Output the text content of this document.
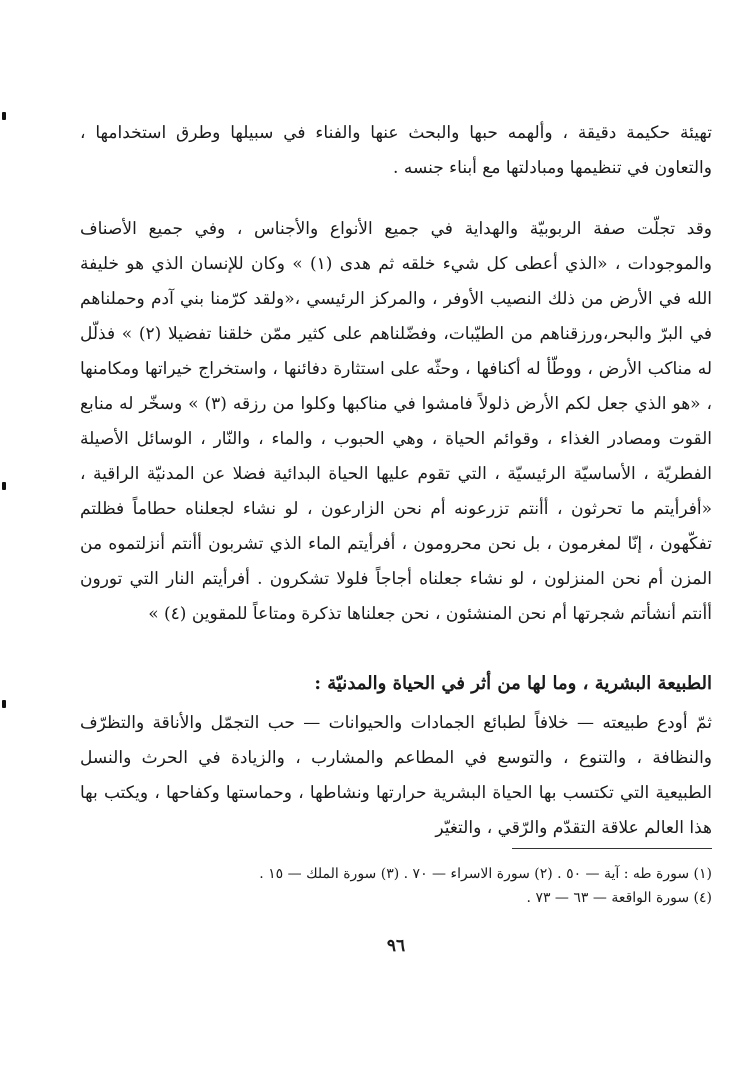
تهيئة حكيمة دقيقة ، وألهمه حبها والبحث عنها والفناء في سبيلها وطرق استخدامها ، والتعاون في تنظيمها ومبادلتها مع أبناء جنسه .

وقد تجلّت صفة الربوبيّة والهداية في جميع الأنواع والأجناس ، وفي جميع الأصناف والموجودات ، «الذي أعطى كل شيء خلقه ثم هدى (١) » وكان للإنسان الذي هو خليفة الله في الأرض من ذلك النصيب الأوفر ، والمركز الرئيسي ،«ولقد كرّمنا بني آدم وحملناهم في البرّ والبحر،ورزقناهم من الطيّبات، وفضّلناهم على كثير ممّن خلقنا تفضيلا (٢) » فذلّل له مناكب الأرض ، ووطّأ له أكنافها ، وحثّه على استثارة دفائنها ، واستخراج خيراتها ومكامنها ، «هو الذي جعل لكم الأرض ذلولاً فامشوا في مناكبها وكلوا من رزقه (٣) » وسخّر له منابع القوت ومصادر الغذاء ، وقوائم الحياة ، وهي الحبوب ، والماء ، والنّار ، الوسائل الأصيلة الفطريّة ، الأساسيّة الرئيسيّة ، التي تقوم عليها الحياة البدائية فضلا عن المدنيّة الراقية ، «أفرأيتم ما تحرثون ، أأنتم تزرعونه أم نحن الزارعون ، لو نشاء لجعلناه حطاماً فظلتم تفكّهون ، إنّا لمغرمون ، بل نحن محرومون ، أفرأيتم الماء الذي تشربون أأنتم أنزلتموه من المزن أم نحن المنزلون ، لو نشاء جعلناه أجاجاً فلولا تشكرون . أفرأيتم النار التي تورون أأنتم أنشأتم شجرتها أم نحن المنشئون ، نحن جعلناها تذكرة ومتاعاً للمقوين (٤) »

الطبيعة البشرية ، وما لها من أثر في الحياة والمدنيّة :

ثمّ أودع طبيعته — خلافاً لطبائع الجمادات والحيوانات — حب التجمّل والأناقة والتظرّف والنظافة ، والتنوع ، والتوسع في المطاعم والمشارب ، والزيادة في الحرث والنسل الطبيعية التي تكتسب بها الحياة البشرية حرارتها ونشاطها ، وحماستها وكفاحها ، ويكتب بها هذا العالم علاقة التقدّم والرّقي ، والتغيّر

(١) سورة طه : آية — ٥٠ . (٢) سورة الاسراء — ٧٠ . (٣) سورة الملك — ١٥ .
(٤) سورة الواقعة — ٦٣ — ٧٣ .
٩٦
